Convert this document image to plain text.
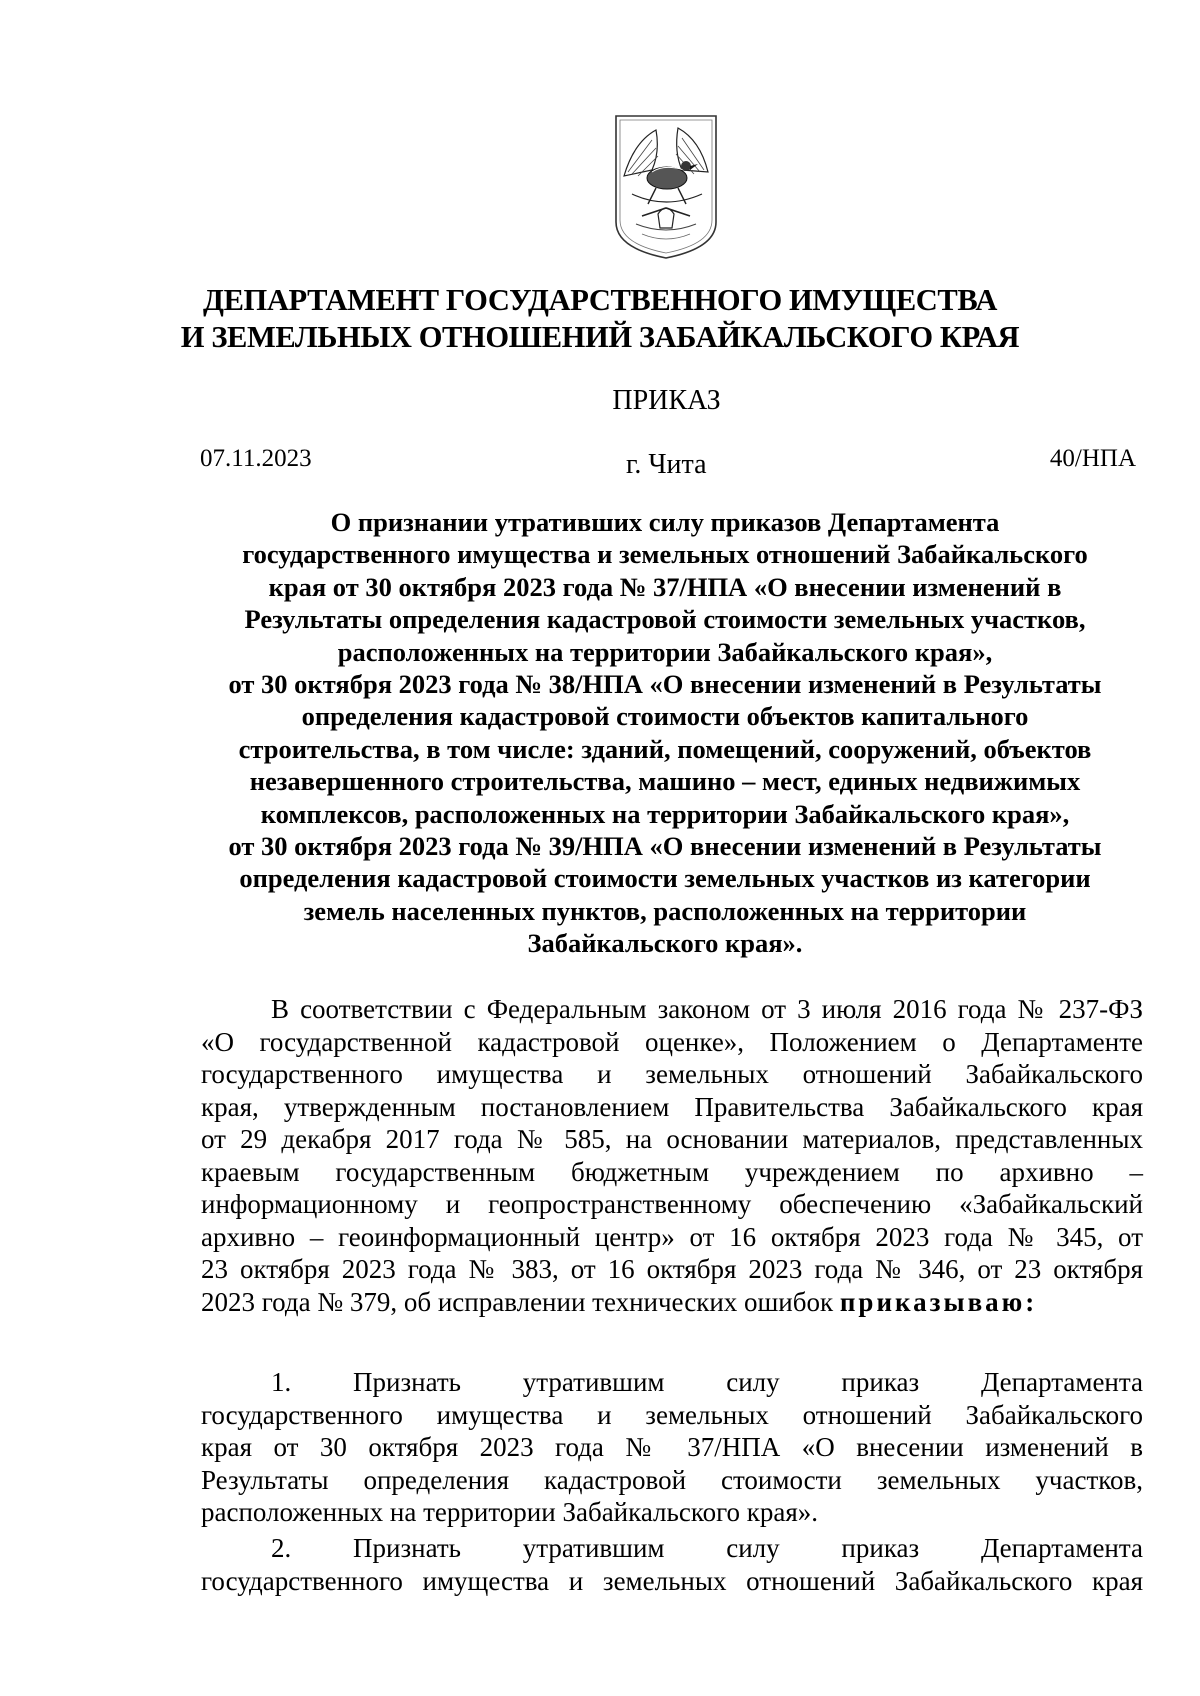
ДЕПАРТАМЕНТ ГОСУДАРСТВЕННОГО ИМУЩЕСТВА
И ЗЕМЕЛЬНЫХ ОТНОШЕНИЙ ЗАБАЙКАЛЬСКОГО КРАЯ
ПРИКАЗ
07.11.2023	г. Чита	40/НПА
О признании утративших силу приказов Департамента
государственного имущества и земельных отношений Забайкальского
края от 30 октября 2023 года № 37/НПА «О внесении изменений в
Результаты определения кадастровой стоимости земельных участков,
расположенных на территории Забайкальского края»,
от 30 октября 2023 года № 38/НПА «О внесении изменений в Результаты
определения кадастровой стоимости объектов капитального
строительства, в том числе: зданий, помещений, сооружений, объектов
незавершенного строительства, машино – мест, единых недвижимых
комплексов, расположенных на территории Забайкальского края»,
от 30 октября 2023 года № 39/НПА «О внесении изменений в Результаты
определения кадастровой стоимости земельных участков из категории
земель населенных пунктов, расположенных на территории
Забайкальского края».
В соответствии с Федеральным законом от 3 июля 2016 года № 237-ФЗ
«О государственной кадастровой оценке», Положением о Департаменте
государственного имущества и земельных отношений Забайкальского
края, утвержденным постановлением Правительства Забайкальского края
от 29 декабря 2017 года № 585, на основании материалов, представленных
краевым государственным бюджетным учреждением по архивно –
информационному и геопространственному обеспечению «Забайкальский
архивно – геоинформационный центр» от 16 октября 2023 года № 345, от
23 октября 2023 года № 383, от 16 октября 2023 года № 346, от 23 октября
2023 года № 379, об исправлении технических ошибок приказываю:
1. Признать утратившим силу приказ Департамента
государственного имущества и земельных отношений Забайкальского
края от 30 октября 2023 года № 37/НПА «О внесении изменений в
Результаты определения кадастровой стоимости земельных участков,
расположенных на территории Забайкальского края».
2. Признать утратившим силу приказ Департамента
государственного имущества и земельных отношений Забайкальского края
